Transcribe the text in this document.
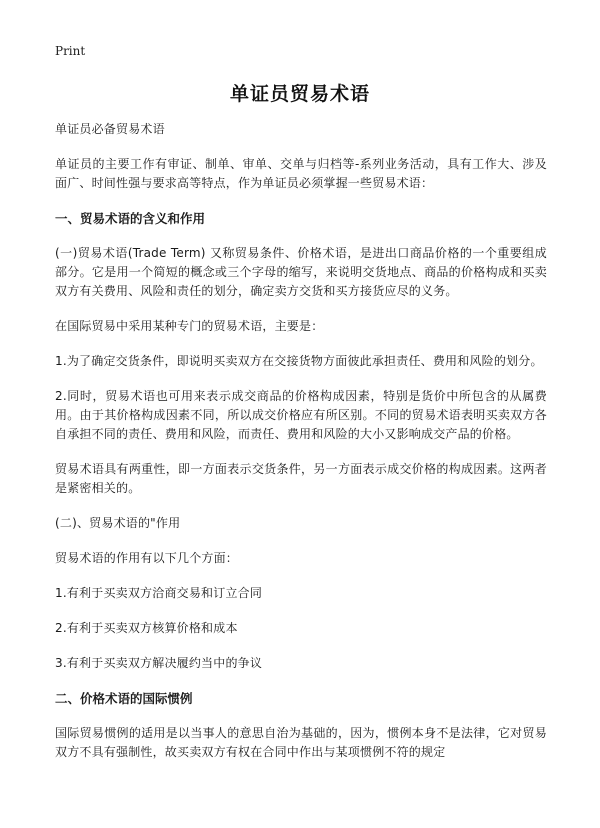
Print
单证员贸易术语
单证员必备贸易术语
单证员的主要工作有审证、制单、审单、交单与归档等-系列业务活动，具有工作大、涉及面广、时间性强与要求高等特点，作为单证员必须掌握一些贸易术语：
一、贸易术语的含义和作用
(一)贸易术语(Trade Term) 又称贸易条件、价格术语，是进出口商品价格的一个重要组成部分。它是用一个简短的概念或三个字母的缩写，来说明交货地点、商品的价格构成和买卖双方有关费用、风险和责任的划分，确定卖方交货和买方接货应尽的义务。
在国际贸易中采用某种专门的贸易术语，主要是：
1.为了确定交货条件，即说明买卖双方在交接货物方面彼此承担责任、费用和风险的划分。
2.同时，贸易术语也可用来表示成交商品的价格构成因素，特别是货价中所包含的从属费用。由于其价格构成因素不同，所以成交价格应有所区别。不同的贸易术语表明买卖双方各自承担不同的责任、费用和风险，而责任、费用和风险的大小又影响成交产品的价格。
贸易术语具有两重性，即一方面表示交货条件，另一方面表示成交价格的构成因素。这两者是紧密相关的。
(二)、贸易术语的"作用
贸易术语的作用有以下几个方面：
1.有利于买卖双方洽商交易和订立合同
2.有利于买卖双方核算价格和成本
3.有利于买卖双方解决履约当中的争议
二、价格术语的国际惯例
国际贸易惯例的适用是以当事人的意思自治为基础的，因为，惯例本身不是法律，它对贸易双方不具有强制性，故买卖双方有权在合同中作出与某项惯例不符的规定
